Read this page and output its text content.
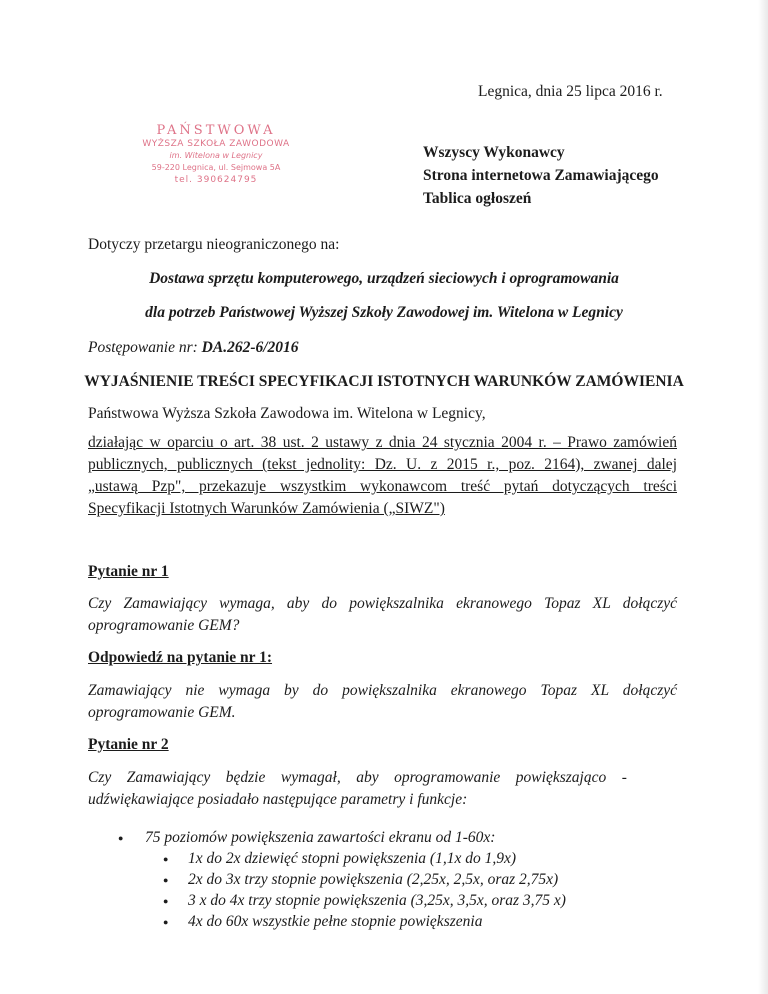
Legnica, dnia 25 lipca 2016 r.
PAŃSTWOWA
WYŻSZA SZKOŁA ZAWODOWA
im. Witelona w Legnicy
59-220 Legnica, ul. Sejmowa 5A
tel. 390624795
Wszyscy Wykonawcy
Strona internetowa Zamawiającego
Tablica ogłoszeń
Dotyczy przetargu nieograniczonego na:
Dostawa sprzętu komputerowego, urządzeń sieciowych i oprogramowania
dla potrzeb Państwowej Wyższej Szkoły Zawodowej im. Witelona w Legnicy
Postępowanie nr: DA.262-6/2016
WYJAŚNIENIE TREŚCI SPECYFIKACJI ISTOTNYCH WARUNKÓW ZAMÓWIENIA
Państwowa Wyższa Szkoła Zawodowa im. Witelona w Legnicy,
działając w oparciu o art. 38 ust. 2 ustawy z dnia 24 stycznia 2004 r. – Prawo zamówień
publicznych, publicznych (tekst jednolity: Dz. U. z 2015 r., poz. 2164), zwanej dalej
„ustawą Pzp", przekazuje wszystkim wykonawcom treść pytań dotyczących treści
Specyfikacji Istotnych Warunków Zamówienia („SIWZ")
Pytanie nr 1
Czy Zamawiający wymaga, aby do powiększalnika ekranowego Topaz XL dołączyć
oprogramowanie GEM?
Odpowiedź na pytanie nr 1:
Zamawiający nie wymaga by do powiększalnika ekranowego Topaz XL dołączyć
oprogramowanie GEM.
Pytanie nr 2
Czy    Zamawiający    będzie    wymagał,    aby    oprogramowanie    powiększająco    -
udźwiękawiające posiadało następujące parametry i funkcje:
● 75 poziomów powiększenia zawartości ekranu od 1-60x:
● 1x do 2x dziewięć stopni powiększenia (1,1x do 1,9x)
● 2x do 3x trzy stopnie powiększenia (2,25x, 2,5x, oraz 2,75x)
● 3 x do 4x trzy stopnie powiększenia (3,25x, 3,5x, oraz 3,75 x)
● 4x do 60x wszystkie pełne stopnie powiększenia
